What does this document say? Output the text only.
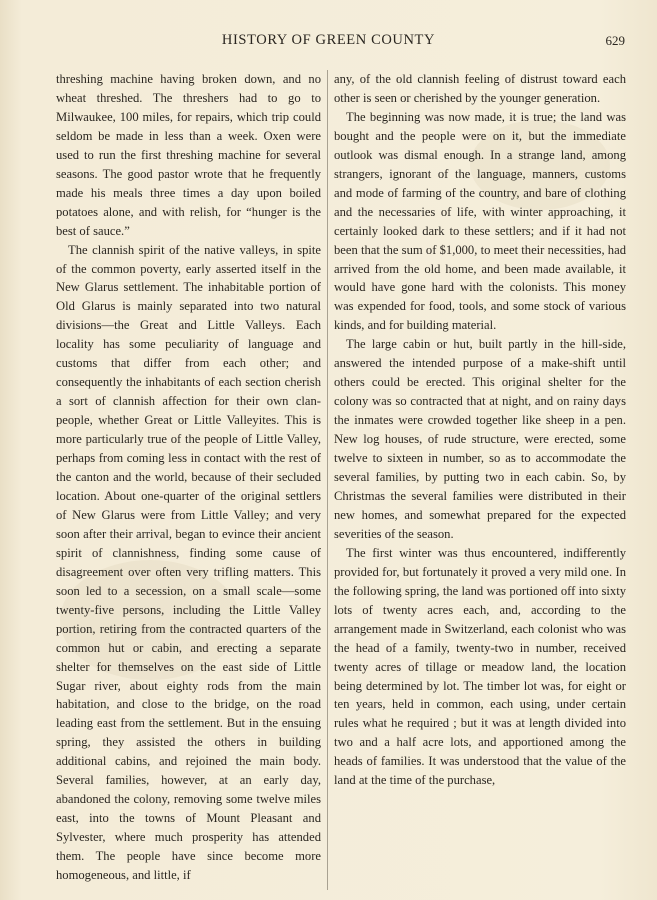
HISTORY OF GREEN COUNTY	629

threshing machine having broken down, and no wheat threshed. The threshers had to go to Milwaukee, 100 miles, for repairs, which trip could seldom be made in less than a week. Oxen were used to run the first threshing machine for several seasons. The good pastor wrote that he frequently made his meals three times a day upon boiled potatoes alone, and with relish, for “hunger is the best of sauce.”

The clannish spirit of the native valleys, in spite of the common poverty, early asserted itself in the New Glarus settlement. The inhabitable portion of Old Glarus is mainly separated into two natural divisions—the Great and Little Valleys. Each locality has some peculiarity of language and customs that differ from each other; and consequently the inhabitants of each section cherish a sort of clannish affection for their own clan-people, whether Great or Little Valleyites. This is more particularly true of the people of Little Valley, perhaps from coming less in contact with the rest of the canton and the world, because of their secluded location. About one-quarter of the original settlers of New Glarus were from Little Valley; and very soon after their arrival, began to evince their ancient spirit of clannishness, finding some cause of disagreement over often very trifling matters. This soon led to a secession, on a small scale—some twenty-five persons, including the Little Valley portion, retiring from the contracted quarters of the common hut or cabin, and erecting a separate shelter for themselves on the east side of Little Sugar river, about eighty rods from the main habitation, and close to the bridge, on the road leading east from the settlement. But in the ensuing spring, they assisted the others in building additional cabins, and rejoined the main body. Several families, however, at an early day, abandoned the colony, removing some twelve miles east, into the towns of Mount Pleasant and Sylvester, where much prosperity has attended them. The people have since become more homogeneous, and little, if

any, of the old clannish feeling of distrust toward each other is seen or cherished by the younger generation.

The beginning was now made, it is true; the land was bought and the people were on it, but the immediate outlook was dismal enough. In a strange land, among strangers, ignorant of the language, manners, customs and mode of farming of the country, and bare of clothing and the necessaries of life, with winter approaching, it certainly looked dark to these settlers; and if it had not been that the sum of $1,000, to meet their necessities, had arrived from the old home, and been made available, it would have gone hard with the colonists. This money was expended for food, tools, and some stock of various kinds, and for building material.

The large cabin or hut, built partly in the hill-side, answered the intended purpose of a make-shift until others could be erected. This original shelter for the colony was so contracted that at night, and on rainy days the inmates were crowded together like sheep in a pen. New log houses, of rude structure, were erected, some twelve to sixteen in number, so as to accommodate the several families, by putting two in each cabin. So, by Christmas the several families were distributed in their new homes, and somewhat prepared for the expected severities of the season.

The first winter was thus encountered, indifferently provided for, but fortunately it proved a very mild one. In the following spring, the land was portioned off into sixty lots of twenty acres each, and, according to the arrangement made in Switzerland, each colonist who was the head of a family, twenty-two in number, received twenty acres of tillage or meadow land, the location being determined by lot. The timber lot was, for eight or ten years, held in common, each using, under certain rules what he required ; but it was at length divided into two and a half acre lots, and apportioned among the heads of families. It was understood that the value of the land at the time of the purchase,
